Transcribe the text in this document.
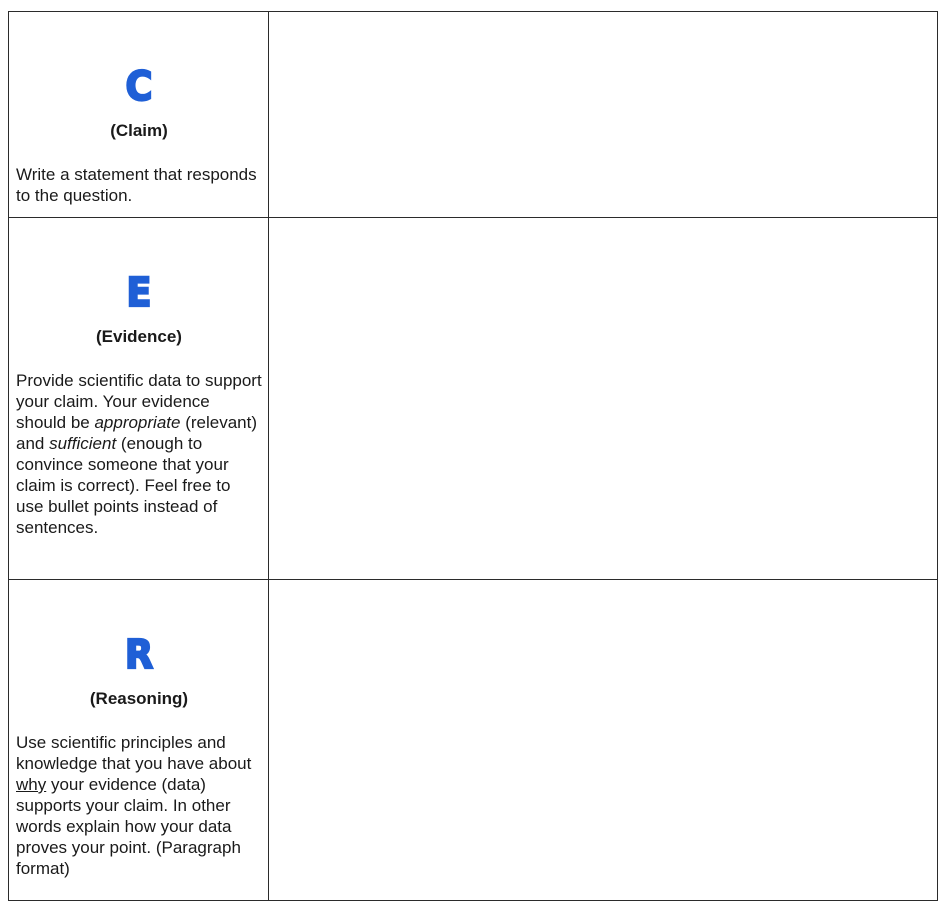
C
(Claim)
Write a statement that responds to the question.	

E
(Evidence)
Provide scientific data to support your claim. Your evidence should be appropriate (relevant) and sufficient (enough to convince someone that your claim is correct). Feel free to use bullet points instead of sentences.	

R
(Reasoning)
Use scientific principles and knowledge that you have about why your evidence (data) supports your claim. In other words explain how your data proves your point. (Paragraph format)	
